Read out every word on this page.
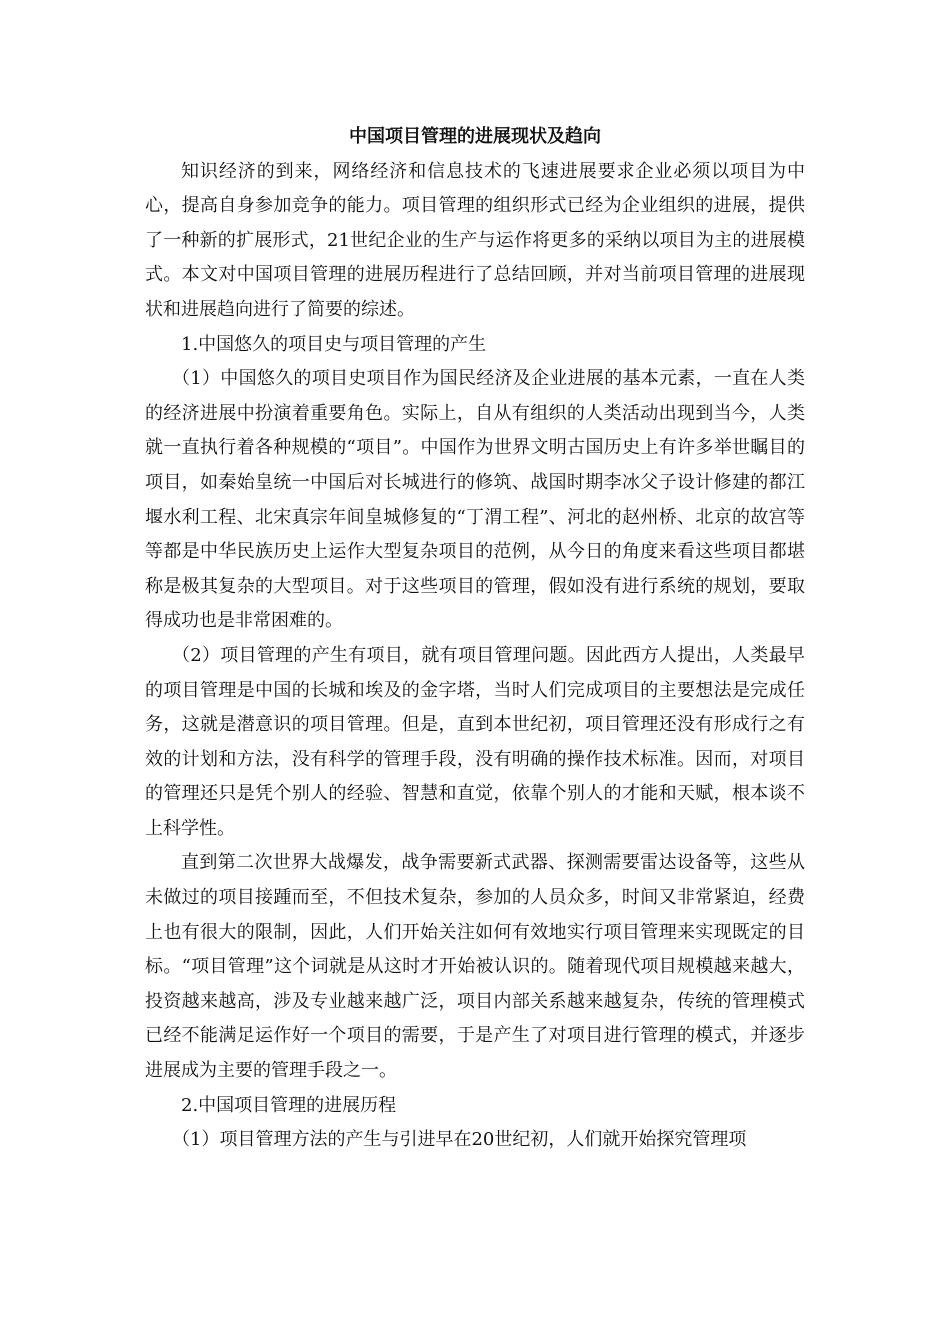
中国项目管理的进展现状及趋向

知识经济的到来，网络经济和信息技术的飞速进展要求企业必须以项目为中心，提高自身参加竞争的能力。项目管理的组织形式已经为企业组织的进展，提供了一种新的扩展形式，21世纪企业的生产与运作将更多的采纳以项目为主的进展模式。本文对中国项目管理的进展历程进行了总结回顾，并对当前项目管理的进展现状和进展趋向进行了简要的综述。

1.中国悠久的项目史与项目管理的产生

（1）中国悠久的项目史项目作为国民经济及企业进展的基本元素，一直在人类的经济进展中扮演着重要角色。实际上，自从有组织的人类活动出现到当今，人类就一直执行着各种规模的“项目”。中国作为世界文明古国历史上有许多举世瞩目的项目，如秦始皇统一中国后对长城进行的修筑、战国时期李冰父子设计修建的都江堰水利工程、北宋真宗年间皇城修复的“丁渭工程”、河北的赵州桥、北京的故宫等等都是中华民族历史上运作大型复杂项目的范例，从今日的角度来看这些项目都堪称是极其复杂的大型项目。对于这些项目的管理，假如没有进行系统的规划，要取得成功也是非常困难的。

（2）项目管理的产生有项目，就有项目管理问题。因此西方人提出，人类最早的项目管理是中国的长城和埃及的金字塔，当时人们完成项目的主要想法是完成任务，这就是潜意识的项目管理。但是，直到本世纪初，项目管理还没有形成行之有效的计划和方法，没有科学的管理手段，没有明确的操作技术标准。因而，对项目的管理还只是凭个别人的经验、智慧和直觉，依靠个别人的才能和天赋，根本谈不上科学性。

直到第二次世界大战爆发，战争需要新式武器、探测需要雷达设备等，这些从未做过的项目接踵而至，不但技术复杂，参加的人员众多，时间又非常紧迫，经费上也有很大的限制，因此，人们开始关注如何有效地实行项目管理来实现既定的目标。“项目管理”这个词就是从这时才开始被认识的。随着现代项目规模越来越大，投资越来越高，涉及专业越来越广泛，项目内部关系越来越复杂，传统的管理模式已经不能满足运作好一个项目的需要，于是产生了对项目进行管理的模式，并逐步进展成为主要的管理手段之一。

2.中国项目管理的进展历程

（1）项目管理方法的产生与引进早在20世纪初，人们就开始探究管理项
